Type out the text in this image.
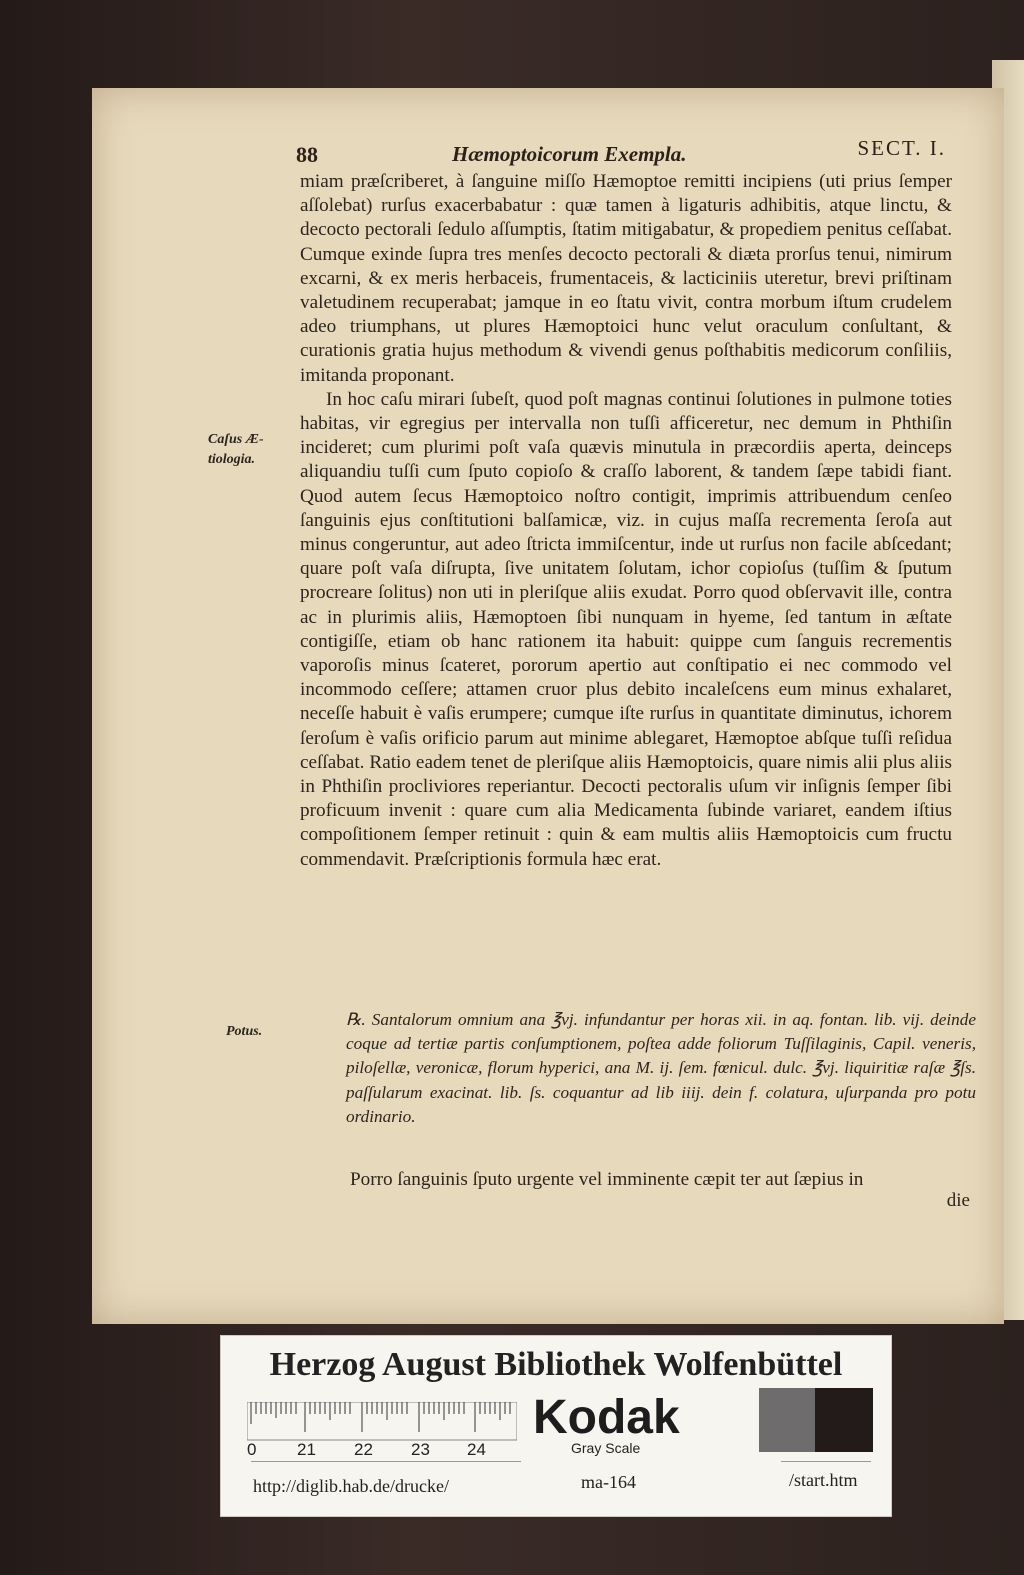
88	Hæmoptoicorum Exempla.	SECT. I.

miam præſcriberet, à ſanguine miſſo Hæmoptoe remitti incipiens (uti prius ſemper aſſolebat) rurſus exacerbabatur : quæ tamen à ligaturis adhibitis, atque linctu, & decocto pectorali ſedulo aſſumptis, ſtatim mitigabatur, & propediem penitus ceſſabat. Cumque exinde ſupra tres menſes decocto pectorali & diæta prorſus tenui, nimirum excarni, & ex meris herbaceis, frumentaceis, & lacticiniis uteretur, brevi priſtinam valetudinem recuperabat; jamque in eo ſtatu vivit, contra morbum iſtum crudelem adeo triumphans, ut plures Hæmoptoici hunc velut oraculum conſultant, & curationis gratia hujus methodum & vivendi genus poſthabitis medicorum conſiliis, imitanda proponant.

In hoc caſu mirari ſubeſt, quod poſt magnas continui ſolutiones in pulmone toties habitas, vir egregius per intervalla non tuſſi afficeretur, nec demum in Phthiſin incideret; cum plurimi poſt vaſa quævis minutula in præcordiis aperta, deinceps aliquandiu tuſſi cum ſputo copioſo & craſſo laborent, & tandem ſæpe tabidi fiant. Quod autem ſecus Hæmoptoico noſtro contigit, imprimis attribuendum cenſeo ſanguinis ejus conſtitutioni balſamicæ, viz. in cujus maſſa recrementa ſeroſa aut minus congeruntur, aut adeo ſtricta immiſcentur, inde ut rurſus non facile abſcedant; quare poſt vaſa diſrupta, ſive unitatem ſolutam, ichor copioſus (tuſſim & ſputum procreare ſolitus) non uti in pleriſque aliis exudat. Porro quod obſervavit ille, contra ac in plurimis aliis, Hæmoptoen ſibi nunquam in hyeme, ſed tantum in æſtate contigiſſe, etiam ob hanc rationem ita habuit: quippe cum ſanguis recrementis vaporoſis minus ſcateret, pororum apertio aut conſtipatio ei nec commodo vel incommodo ceſſere; attamen cruor plus debito incaleſcens eum minus exhalaret, neceſſe habuit è vaſis erumpere; cumque iſte rurſus in quantitate diminutus, ichorem ſeroſum è vaſis orificio parum aut minime ablegaret, Hæmoptoe abſque tuſſi reſidua ceſſabat. Ratio eadem tenet de pleriſque aliis Hæmoptoicis, quare nimis alii plus aliis in Phthiſin procliviores reperiantur. Decocti pectoralis uſum vir inſignis ſemper ſibi proficuum invenit : quare cum alia Medicamenta ſubinde variaret, eandem iſtius compoſitionem ſemper retinuit : quin & eam multis aliis Hæmoptoicis cum fructu commendavit. Præſcriptionis formula hæc erat.

Caſus Æ-
tiologia.
Potus.
℞. Santalorum omnium ana ℥vj. infundantur per horas xii. in aq. fontan. lib. vij. deinde coque ad tertiæ partis conſumptionem, poſtea adde foliorum Tuſſilaginis, Capil. veneris, piloſellæ, veronicæ, florum hyperici, ana M. ij. ſem. fœnicul. dulc. ℥vj. liquiritiæ raſæ ℥ſs. paſſularum exacinat. lib. ſs. coquantur ad lib iiij. dein f. colatura, uſurpanda pro potu ordinario.
Porro ſanguinis ſputo urgente vel imminente cæpit ter aut ſæpius in
die
Herzog August Bibliothek Wolfenbüttel
0 21 22 23 24
Kodak
Gray Scale
http://diglib.hab.de/drucke/	ma-164	/start.htm
